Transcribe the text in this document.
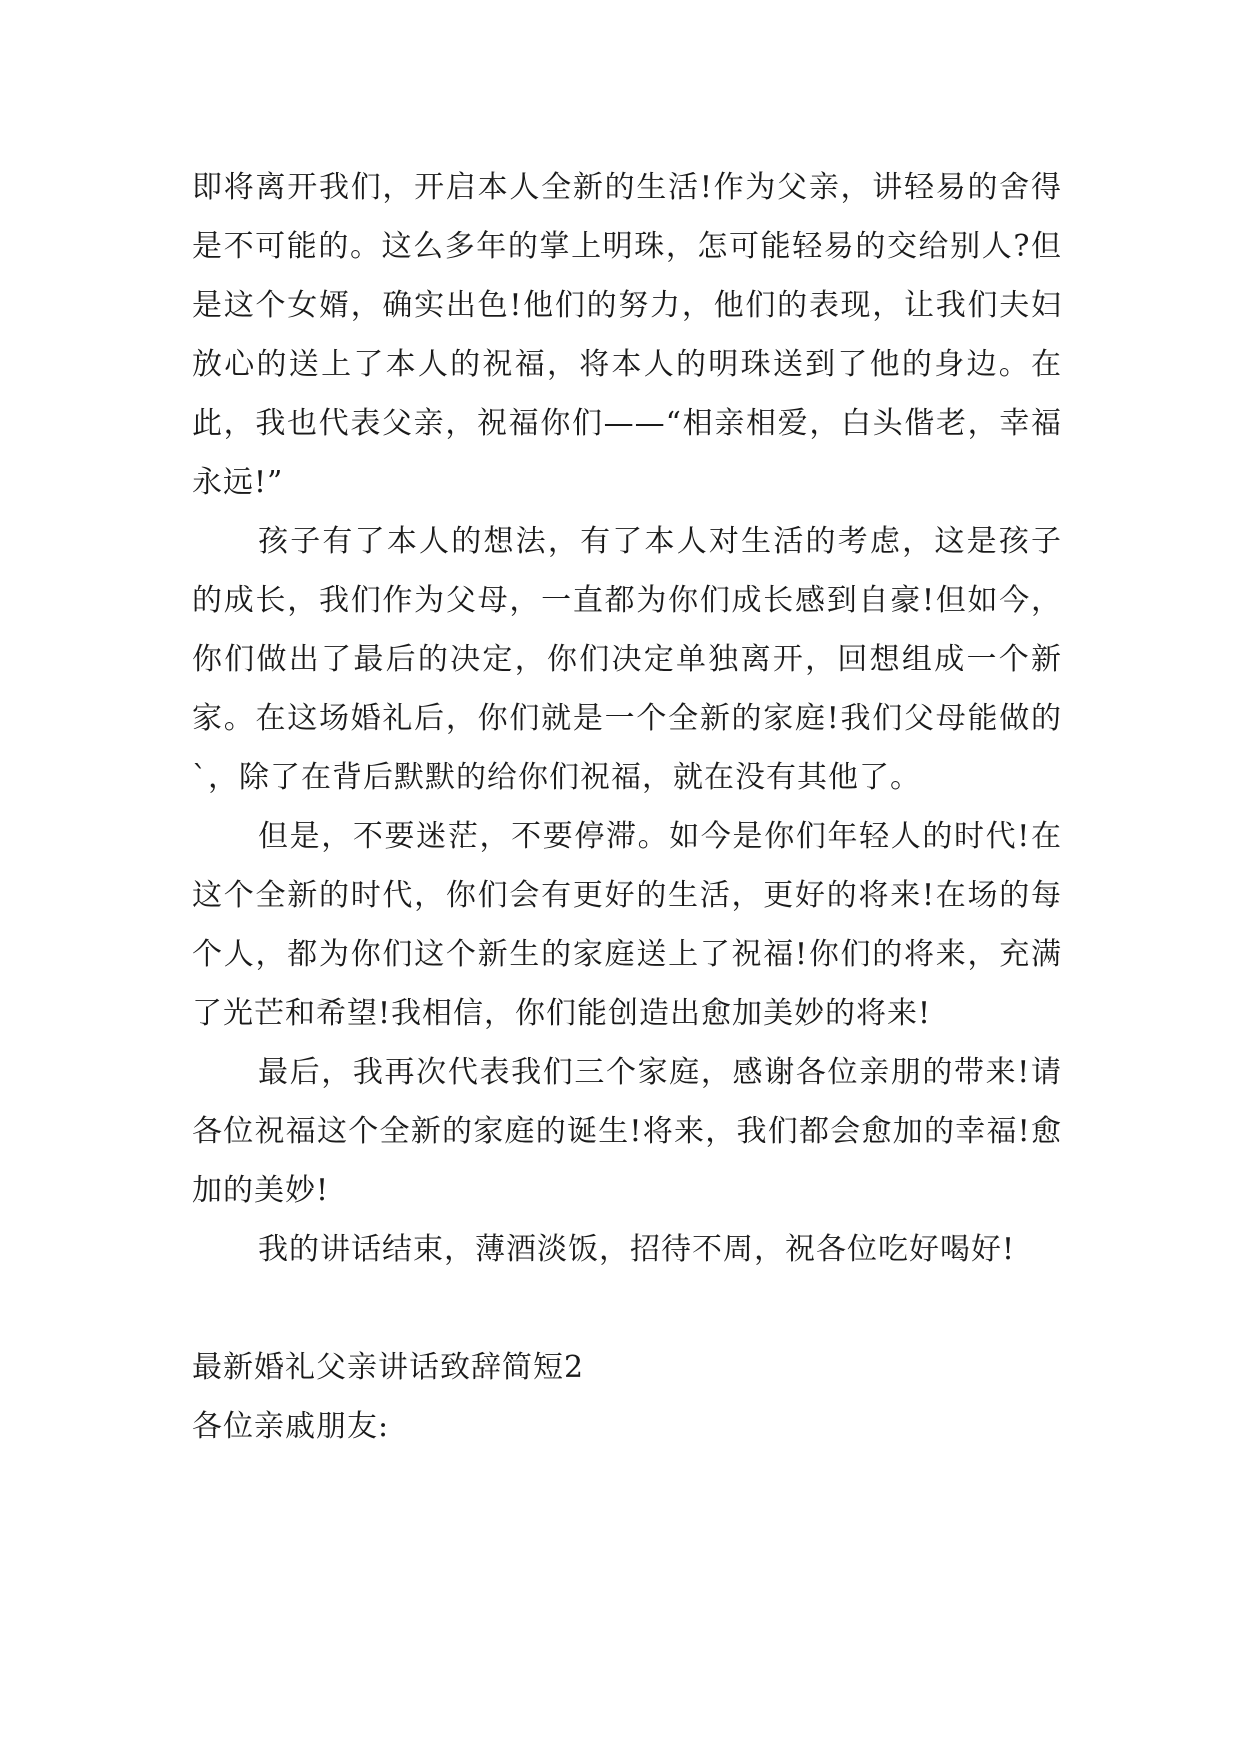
即将离开我们，开启本人全新的生活!作为父亲，讲轻易的舍得是不可能的。这么多年的掌上明珠，怎可能轻易的交给别人?但是这个女婿，确实出色!他们的努力，他们的表现，让我们夫妇放心的送上了本人的祝福，将本人的明珠送到了他的身边。在此，我也代表父亲，祝福你们——“相亲相爱，白头偕老，幸福永远!”

孩子有了本人的想法，有了本人对生活的考虑，这是孩子的成长，我们作为父母，一直都为你们成长感到自豪!但如今，你们做出了最后的决定，你们决定单独离开，回想组成一个新家。在这场婚礼后，你们就是一个全新的家庭!我们父母能做的`，除了在背后默默的给你们祝福，就在没有其他了。

但是，不要迷茫，不要停滞。如今是你们年轻人的时代!在这个全新的时代，你们会有更好的生活，更好的将来!在场的每个人，都为你们这个新生的家庭送上了祝福!你们的将来，充满了光芒和希望!我相信，你们能创造出愈加美妙的将来!

最后，我再次代表我们三个家庭，感谢各位亲朋的带来!请各位祝福这个全新的家庭的诞生!将来，我们都会愈加的幸福!愈加的美妙!

我的讲话结束，薄酒淡饭，招待不周，祝各位吃好喝好!

最新婚礼父亲讲话致辞简短2

各位亲戚朋友:
